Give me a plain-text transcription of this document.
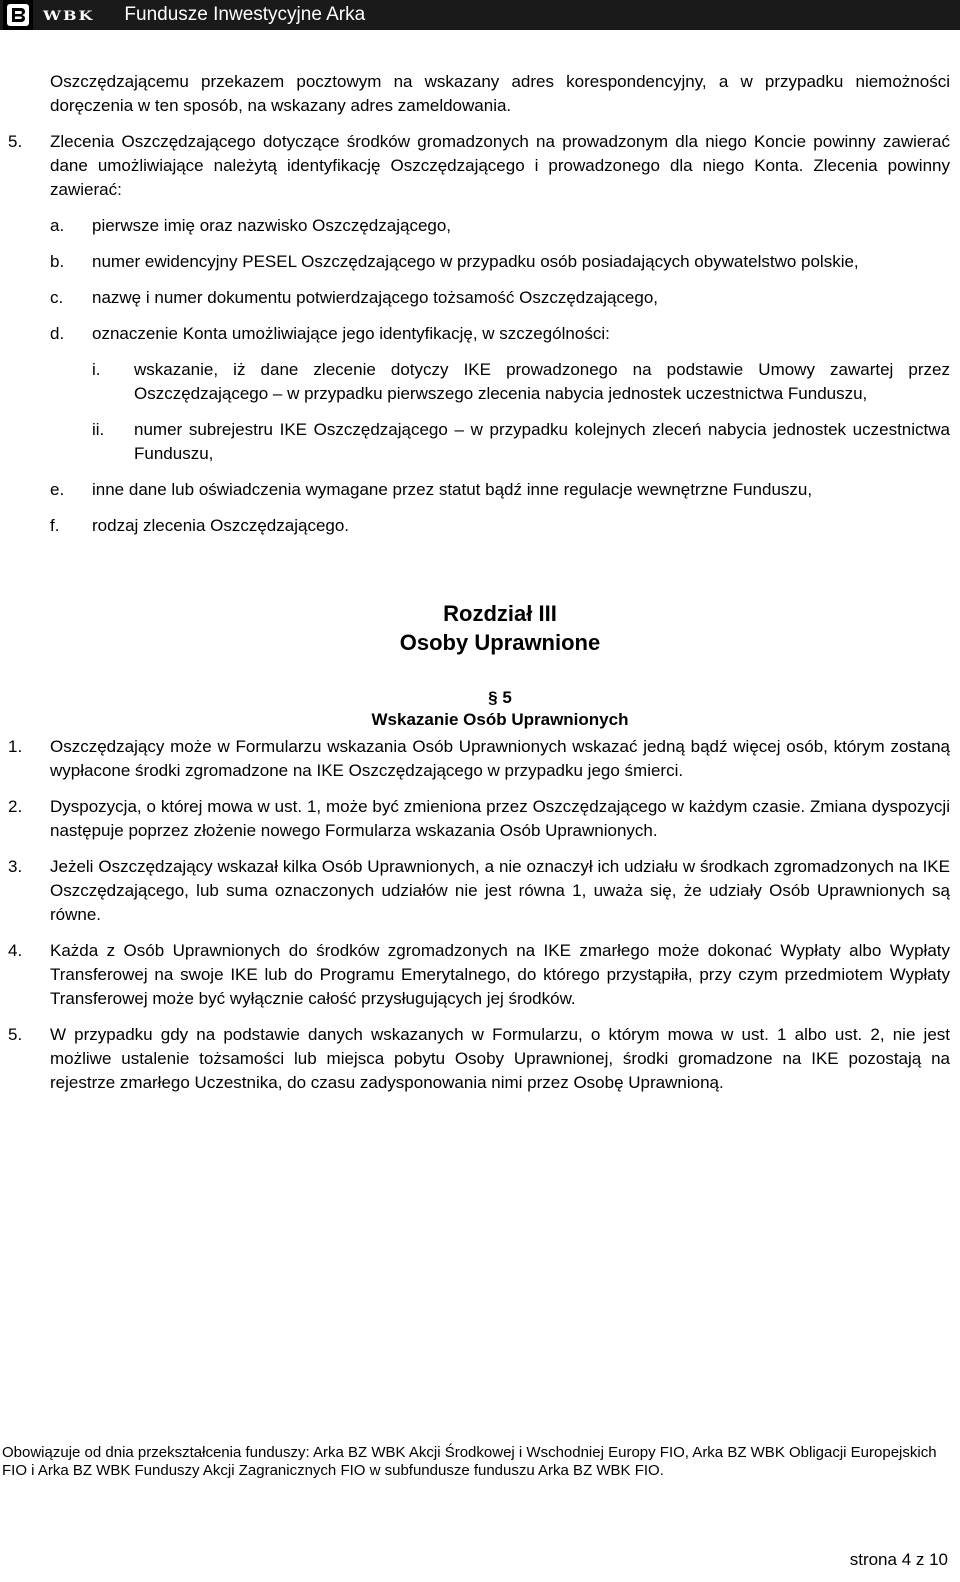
WBK Fundusze Inwestycyjne Arka

Oszczędzającemu przekazem pocztowym na wskazany adres korespondencyjny, a w przypadku niemożności doręczenia w ten sposób, na wskazany adres zameldowania.

5.	Zlecenia Oszczędzającego dotyczące środków gromadzonych na prowadzonym dla niego Koncie powinny zawierać dane umożliwiające należytą identyfikację Oszczędzającego i prowadzonego dla niego Konta. Zlecenia powinny zawierać:
a.	pierwsze imię oraz nazwisko Oszczędzającego,
b.	numer ewidencyjny PESEL Oszczędzającego w przypadku osób posiadających obywatelstwo polskie,
c.	nazwę i numer dokumentu potwierdzającego tożsamość Oszczędzającego,
d.	oznaczenie Konta umożliwiające jego identyfikację, w szczególności:
i.	wskazanie, iż dane zlecenie dotyczy IKE prowadzonego na podstawie Umowy zawartej przez Oszczędzającego – w przypadku pierwszego zlecenia nabycia jednostek uczestnictwa Funduszu,
ii.	numer subrejestru IKE Oszczędzającego – w przypadku kolejnych zleceń nabycia jednostek uczestnictwa Funduszu,
e.	inne dane lub oświadczenia wymagane przez statut bądź inne regulacje wewnętrzne Funduszu,
f.	rodzaj zlecenia Oszczędzającego.

Rozdział III

Osoby Uprawnione

§ 5
Wskazanie Osób Uprawnionych
1.	Oszczędzający może w Formularzu wskazania Osób Uprawnionych wskazać jedną bądź więcej osób, którym zostaną wypłacone środki zgromadzone na IKE Oszczędzającego w przypadku jego śmierci.
2.	Dyspozycja, o której mowa w ust. 1, może być zmieniona przez Oszczędzającego w każdym czasie. Zmiana dyspozycji następuje poprzez złożenie nowego Formularza wskazania Osób Uprawnionych.
3.	Jeżeli Oszczędzający wskazał kilka Osób Uprawnionych, a nie oznaczył ich udziału w środkach zgromadzonych na IKE Oszczędzającego, lub suma oznaczonych udziałów nie jest równa 1, uważa się, że udziały Osób Uprawnionych są równe.
4.	Każda z Osób Uprawnionych do środków zgromadzonych na IKE zmarłego może dokonać Wypłaty albo Wypłaty Transferowej na swoje IKE lub do Programu Emerytalnego, do którego przystąpiła, przy czym przedmiotem Wypłaty Transferowej może być wyłącznie całość przysługujących jej środków.
5.	W przypadku gdy na podstawie danych wskazanych w Formularzu, o którym mowa w ust. 1 albo ust. 2, nie jest możliwe ustalenie tożsamości lub miejsca pobytu Osoby Uprawnionej, środki gromadzone na IKE pozostają na rejestrze zmarłego Uczestnika, do czasu zadysponowania nimi przez Osobę Uprawnioną.
Obowiązuje od dnia przekształcenia funduszy: Arka BZ WBK Akcji Środkowej i Wschodniej Europy FIO, Arka BZ WBK Obligacji Europejskich FIO i Arka BZ WBK Funduszy Akcji Zagranicznych FIO w subfundusze funduszu Arka BZ WBK FIO.
strona 4 z 10
